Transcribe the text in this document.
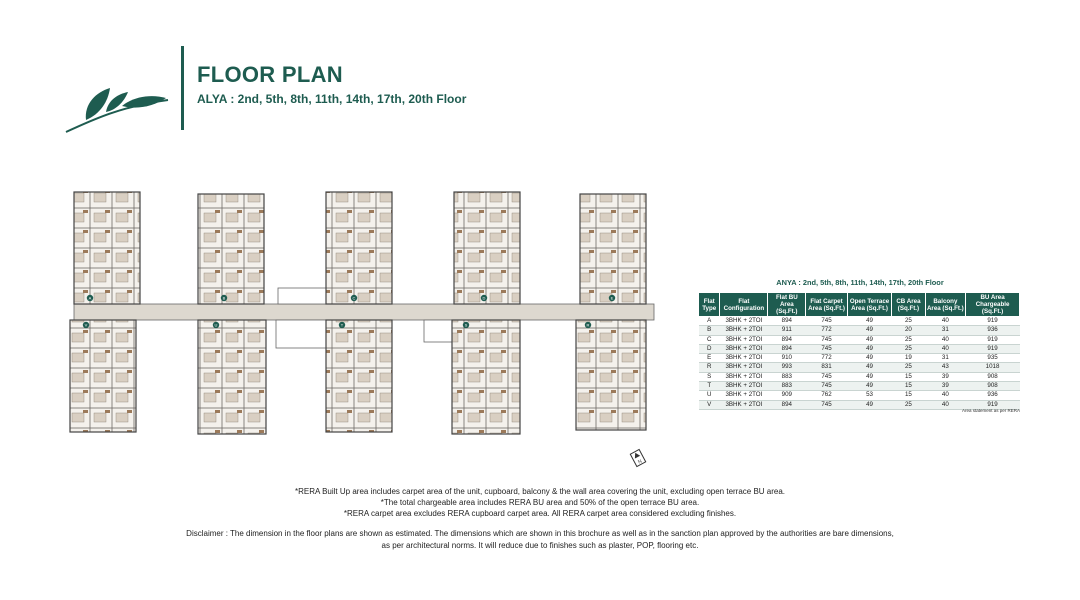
FLOOR PLAN
ALYA : 2nd, 5th, 8th, 11th, 14th, 17th, 20th Floor
A	B	C	D	E
R
S
T
U
V
N
ANYA : 2nd, 5th, 8th, 11th, 14th, 17th, 20th Floor
Flat Type	Flat Configuration	Flat BU Area (Sq.Ft.)	Flat Carpet Area (Sq.Ft.)	Open Terrace Area (Sq.Ft.)	CB Area (Sq.Ft.)	Balcony Area (Sq.Ft.)	BU Area Chargeable (Sq.Ft.)
A	3BHK + 2TOI	894	745	49	25	40	919
B	3BHK + 2TOI	911	772	49	20	31	936
C	3BHK + 2TOI	894	745	49	25	40	919
D	3BHK + 2TOI	894	745	49	25	40	919
E	3BHK + 2TOI	910	772	49	19	31	935
R	3BHK + 2TOI	993	831	49	25	43	1018
S	3BHK + 2TOI	883	745	49	15	39	908
T	3BHK + 2TOI	883	745	49	15	39	908
U	3BHK + 2TOI	909	762	53	15	40	936
V	3BHK + 2TOI	894	745	49	25	40	919
Area statement as per RERA
*RERA Built Up area includes carpet area of the unit, cupboard, balcony & the wall area covering the unit, excluding open terrace BU area.
*The total chargeable area includes RERA BU area and 50% of the open terrace BU area.
*RERA carpet area excludes RERA cupboard carpet area. All RERA carpet area considered excluding finishes.
Disclaimer : The dimension in the floor plans are shown as estimated. The dimensions which are shown in this brochure as well as in the sanction plan approved by the authorities are bare dimensions,
as per architectural norms. It will reduce due to finishes such as plaster, POP, flooring etc.
